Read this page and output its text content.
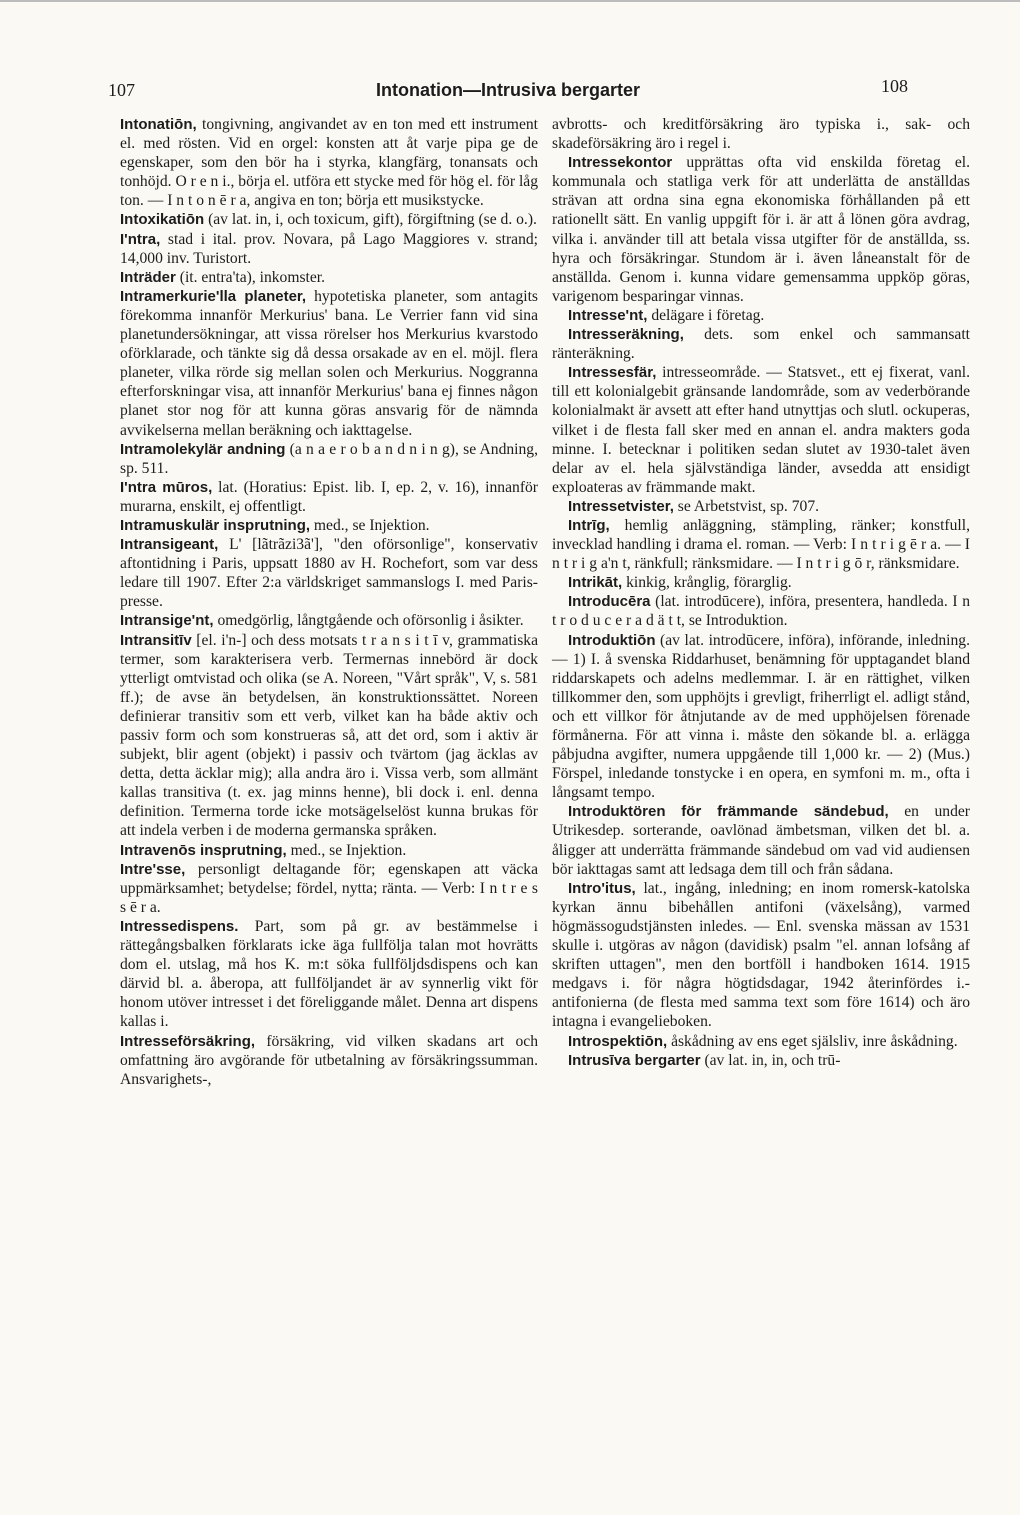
107	Intonation—Intrusiva bergarter	108

Intonatiōn, tongivning, angivandet av en ton med ett instrument el. med rösten. Vid en orgel: konsten att åt varje pipa ge de egenskaper, som den bör ha i styrka, klangfärg, tonansats och tonhöjd. O r e n i., börja el. utföra ett stycke med för hög el. för låg ton. — I n t o n ē r a, angiva en ton; börja ett musikstycke.

Intoxikatiōn (av lat. in, i, och toxicum, gift), förgiftning (se d. o.).

I'ntra, stad i ital. prov. Novara, på Lago Maggiores v. strand; 14,000 inv. Turistort.

Inträder (it. entra'ta), inkomster.

Intramerkurie'lla planeter, hypotetiska planeter, som antagits förekomma innanför Merkurius' bana. Le Verrier fann vid sina planetundersökningar, att vissa rörelser hos Merkurius kvarstodo oförklarade, och tänkte sig då dessa orsakade av en el. möjl. flera planeter, vilka rörde sig mellan solen och Merkurius. Noggranna efterforskningar visa, att innanför Merkurius' bana ej finnes någon planet stor nog för att kunna göras ansvarig för de nämnda avvikelserna mellan beräkning och iakttagelse.

Intramolekylär andning (a n a e r o b a n d n i n g), se Andning, sp. 511.

I'ntra mūros, lat. (Horatius: Epist. lib. I, ep. 2, v. 16), innanför murarna, enskilt, ej offentligt.

Intramuskulär insprutning, med., se Injektion.

Intransigeant, L' [lãtrãzi3ã'], "den oförsonlige", konservativ aftontidning i Paris, uppsatt 1880 av H. Rochefort, som var dess ledare till 1907. Efter 2:a världskriget sammanslogs I. med Paris-presse.

Intransige'nt, omedgörlig, långtgående och oförsonlig i åsikter.

Intransitīv [el. i'n-] och dess motsats t r a n s i t ī v, grammatiska termer, som karakterisera verb. Termernas innebörd är dock ytterligt omtvistad och olika (se A. Noreen, "Vårt språk", V, s. 581 ff.); de avse än betydelsen, än konstruktionssättet. Noreen definierar transitiv som ett verb, vilket kan ha både aktiv och passiv form och som konstrueras så, att det ord, som i aktiv är subjekt, blir agent (objekt) i passiv och tvärtom (jag äcklas av detta, detta äcklar mig); alla andra äro i. Vissa verb, som allmänt kallas transitiva (t. ex. jag minns henne), bli dock i. enl. denna definition. Termerna torde icke motsägelselöst kunna brukas för att indela verben i de moderna germanska språken.

Intravenōs insprutning, med., se Injektion.

Intre'sse, personligt deltagande för; egenskapen att väcka uppmärksamhet; betydelse; fördel, nytta; ränta. — Verb: I n t r e s s ē r a.

Intressedispens. Part, som på gr. av bestämmelse i rättegångsbalken förklarats icke äga fullfölja talan mot hovrätts dom el. utslag, må hos K. m:t söka fullföljdsdispens och kan därvid bl. a. åberopa, att fullföljandet är av synnerlig vikt för honom utöver intresset i det föreliggande målet. Denna art dispens kallas i.

Intresseförsäkring, försäkring, vid vilken skadans art och omfattning äro avgörande för utbetalning av försäkringssumman. Ansvarighets-,

avbrotts- och kreditförsäkring äro typiska i., sak- och skadeförsäkring äro i regel i.

Intressekontor upprättas ofta vid enskilda företag el. kommunala och statliga verk för att underlätta de anställdas strävan att ordna sina egna ekonomiska förhållanden på ett rationellt sätt. En vanlig uppgift för i. är att å lönen göra avdrag, vilka i. använder till att betala vissa utgifter för de anställda, ss. hyra och försäkringar. Stundom är i. även låneanstalt för de anställda. Genom i. kunna vidare gemensamma uppköp göras, varigenom besparingar vinnas.

Intresse'nt, delägare i företag.

Intresseräkning, dets. som enkel och sammansatt ränteräkning.

Intressesfär, intresseområde. — Statsvet., ett ej fixerat, vanl. till ett kolonialgebit gränsande landområde, som av vederbörande kolonialmakt är avsett att efter hand utnyttjas och slutl. ockuperas, vilket i de flesta fall sker med en annan el. andra makters goda minne. I. betecknar i politiken sedan slutet av 1930-talet även delar av el. hela självständiga länder, avsedda att ensidigt exploateras av främmande makt.

Intressetvister, se Arbetstvist, sp. 707.

Intrīg, hemlig anläggning, stämpling, ränker; konstfull, invecklad handling i drama el. roman. — Verb: I n t r i g ē r a. — I n t r i g a'n t, ränkfull; ränksmidare. — I n t r i g ō r, ränksmidare.

Intrikāt, kinkig, krånglig, förarglig.

Introducēra (lat. introdūcere), införa, presentera, handleda. I n t r o d u c e r a d ä t t, se Introduktion.

Introduktiōn (av lat. introdūcere, införa), införande, inledning. — 1) I. å svenska Riddarhuset, benämning för upptagandet bland riddarskapets och adelns medlemmar. I. är en rättighet, vilken tillkommer den, som upphöjts i grevligt, friherrligt el. adligt stånd, och ett villkor för åtnjutande av de med upphöjelsen förenade förmånerna. För att vinna i. måste den sökande bl. a. erlägga påbjudna avgifter, numera uppgående till 1,000 kr. — 2) (Mus.) Förspel, inledande tonstycke i en opera, en symfoni m. m., ofta i långsamt tempo.

Introduktören för främmande sändebud, en under Utrikesdep. sorterande, oavlönad ämbetsman, vilken det bl. a. åligger att underrätta främmande sändebud om vad vid audiensen bör iakttagas samt att ledsaga dem till och från sådana.

Intro'itus, lat., ingång, inledning; en inom romersk-katolska kyrkan ännu bibehållen antifoni (växelsång), varmed högmässogudstjänsten inledes. — Enl. svenska mässan av 1531 skulle i. utgöras av någon (davidisk) psalm "el. annan lofsång af skriften uttagen", men den bortföll i handboken 1614. 1915 medgavs i. för några högtidsdagar, 1942 återinfördes i.-antifonierna (de flesta med samma text som före 1614) och äro intagna i evangelieboken.

Introspektiōn, åskådning av ens eget själsliv, inre åskådning.

Intrusīva bergarter (av lat. in, in, och trū-
